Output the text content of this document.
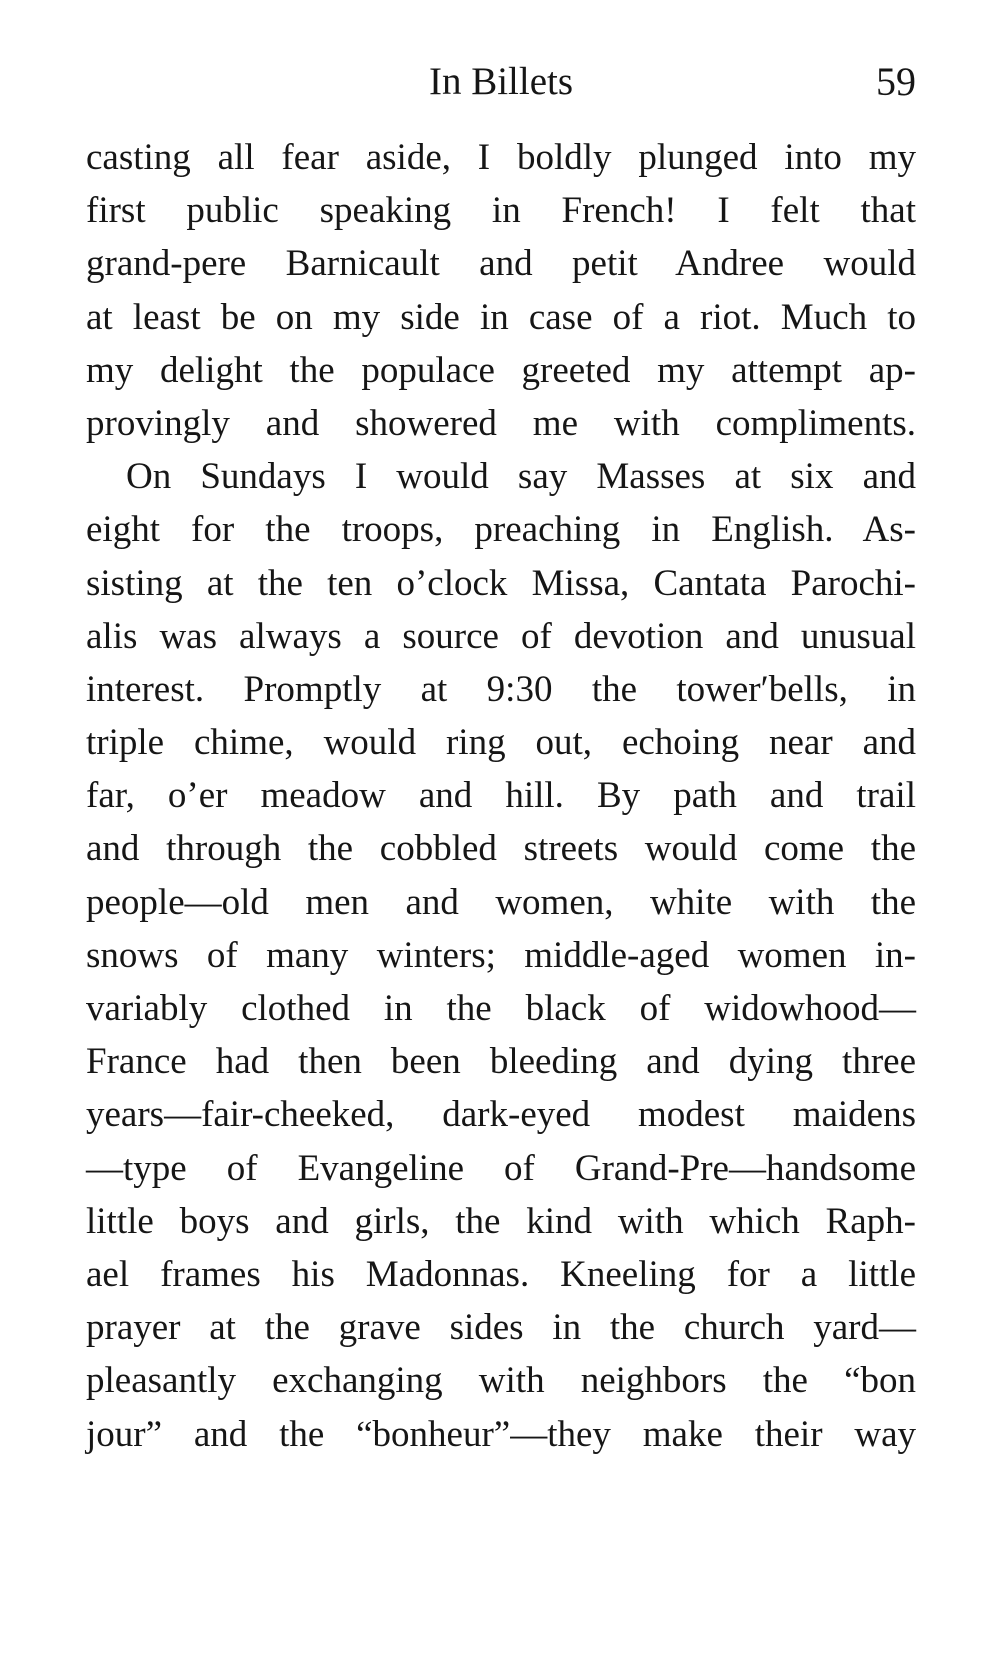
In Billets	59
casting all fear aside, I boldly plunged into my
first public speaking in French! I felt that
grand-pere Barnicault and petit Andree would
at least be on my side in case of a riot. Much to
my delight the populace greeted my attempt ap-
provingly and showered me with compliments.
On Sundays I would say Masses at six and
eight for the troops, preaching in English. As-
sisting at the ten o’clock Missa, Cantata Parochi-
alis was always a source of devotion and unusual
interest. Promptly at 9:30 the tower′bells, in
triple chime, would ring out, echoing near and
far, o’er meadow and hill. By path and trail
and through the cobbled streets would come the
people—old men and women, white with the
snows of many winters; middle-aged women in-
variably clothed in the black of widowhood—
France had then been bleeding and dying three
years—fair-cheeked, dark-eyed modest maidens
—type of Evangeline of Grand-Pre—handsome
little boys and girls, the kind with which Raph-
ael frames his Madonnas. Kneeling for a little
prayer at the grave sides in the church yard—
pleasantly exchanging with neighbors the “bon
jour” and the “bonheur”—they make their way
